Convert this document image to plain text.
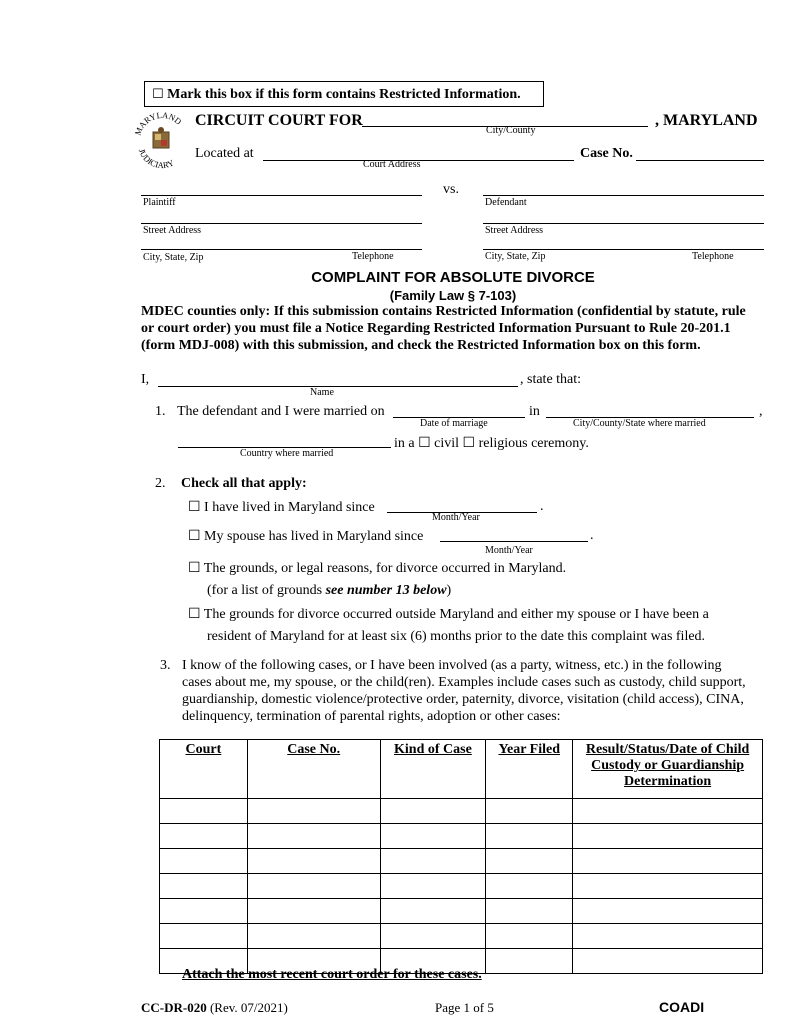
☐ Mark this box if this form contains Restricted Information.
MARYLAND
JUDICIARY
CIRCUIT COURT FOR	, MARYLAND
City/County
Located at
Court Address
Case No.
vs.
Plaintiff	Defendant
Street Address	Street Address
City, State, Zip	Telephone	City, State, Zip	Telephone
COMPLAINT FOR ABSOLUTE DIVORCE
(Family Law § 7-103)
MDEC counties only: If this submission contains Restricted Information (confidential by statute, rule
or court order) you must file a Notice Regarding Restricted Information Pursuant to Rule 20-201.1
(form MDJ-008) with this submission, and check the Restricted Information box on this form.
I,	, state that:
Name
1. The defendant and I were married on	in	,
Date of marriage	City/County/State where married
in a ☐ civil ☐ religious ceremony.
Country where married
2. Check all that apply:
☐ I have lived in Maryland since	.
Month/Year
☐ My spouse has lived in Maryland since	.
Month/Year
☐ The grounds, or legal reasons, for divorce occurred in Maryland.
(for a list of grounds see number 13 below)
☐ The grounds for divorce occurred outside Maryland and either my spouse or I have been a
resident of Maryland for at least six (6) months prior to the date this complaint was filed.
3. I know of the following cases, or I have been involved (as a party, witness, etc.) in the following
cases about me, my spouse, or the child(ren). Examples include cases such as custody, child support,
guardianship, domestic violence/protective order, paternity, divorce, visitation (child access), CINA,
delinquency, termination of parental rights, adoption or other cases:
Court	Case No.	Kind of Case	Year Filed	Result/Status/Date of Child Custody or Guardianship Determination

Attach the most recent court order for these cases.
CC-DR-020 (Rev. 07/2021)	Page 1 of 5	COADI
